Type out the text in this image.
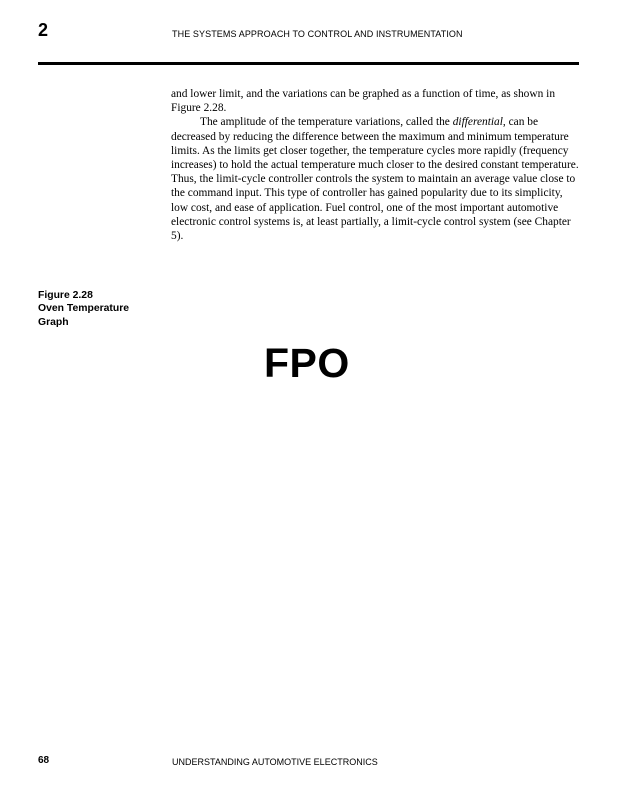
2	THE SYSTEMS APPROACH TO CONTROL AND INSTRUMENTATION

and lower limit, and the variations can be graphed as a function of time, as shown in Figure 2.28.

The amplitude of the temperature variations, called the differential, can be decreased by reducing the difference between the maximum and minimum temperature limits. As the limits get closer together, the temperature cycles more rapidly (frequency increases) to hold the actual temperature much closer to the desired constant temperature. Thus, the limit-cycle controller controls the system to maintain an average value close to the command input. This type of controller has gained popularity due to its simplicity, low cost, and ease of application. Fuel control, one of the most important automotive electronic control systems is, at least partially, a limit-cycle control system (see Chapter 5).

Figure 2.28
Oven Temperature
Graph
FPO
68	UNDERSTANDING AUTOMOTIVE ELECTRONICS
